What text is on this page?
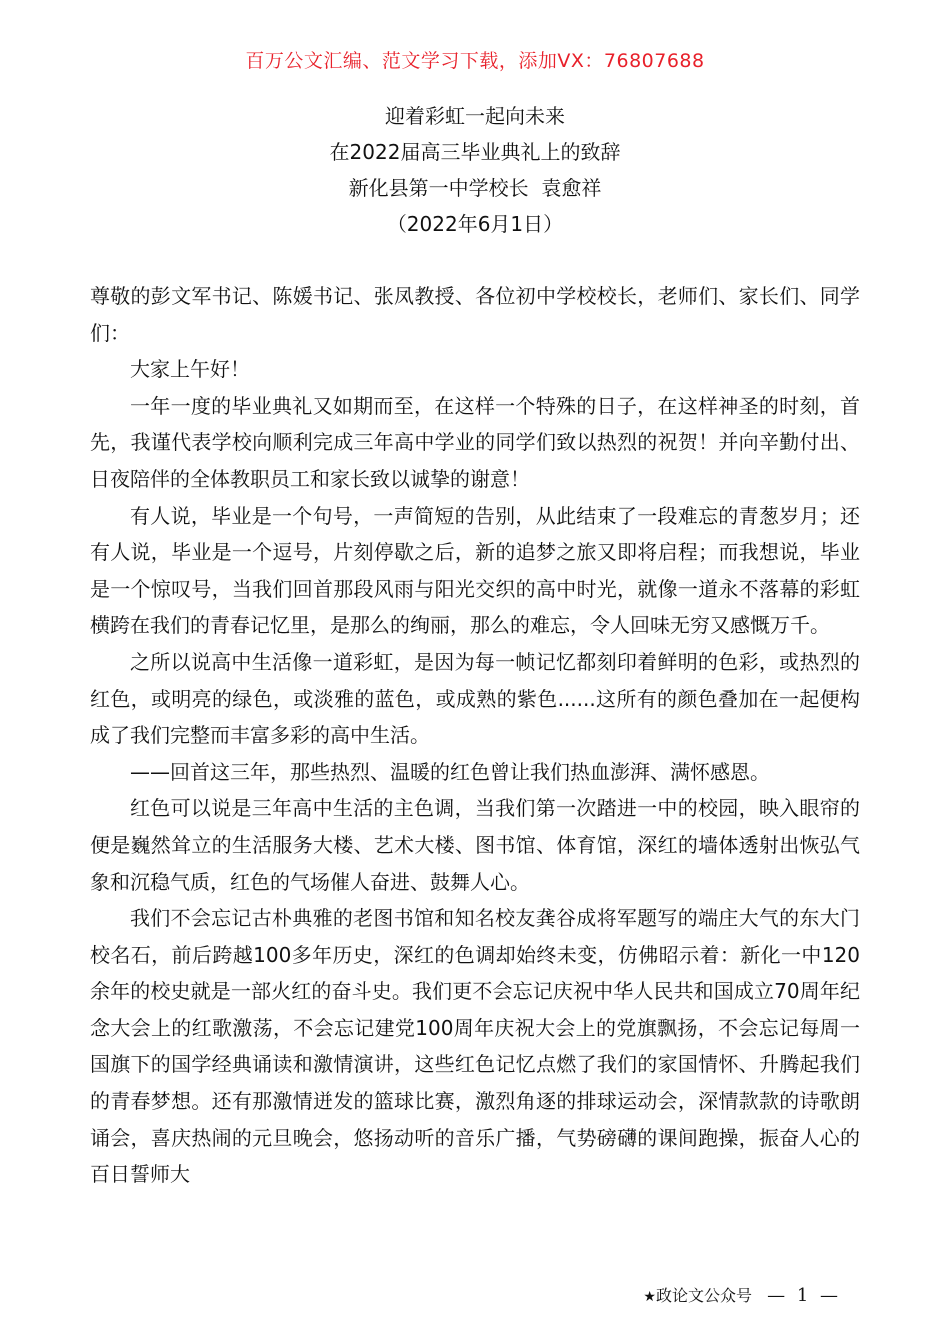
百万公文汇编、范文学习下载，添加VX：76807688
迎着彩虹一起向未来
在2022届高三毕业典礼上的致辞
新化县第一中学校长  袁愈祥
（2022年6月1日）

尊敬的彭文军书记、陈媛书记、张凤教授、各位初中学校校长，老师们、家长们、同学们：

大家上午好！

一年一度的毕业典礼又如期而至，在这样一个特殊的日子，在这样神圣的时刻，首先，我谨代表学校向顺利完成三年高中学业的同学们致以热烈的祝贺！并向辛勤付出、日夜陪伴的全体教职员工和家长致以诚挚的谢意！

有人说，毕业是一个句号，一声简短的告别，从此结束了一段难忘的青葱岁月；还有人说，毕业是一个逗号，片刻停歇之后，新的追梦之旅又即将启程；而我想说，毕业是一个惊叹号，当我们回首那段风雨与阳光交织的高中时光，就像一道永不落幕的彩虹横跨在我们的青春记忆里，是那么的绚丽，那么的难忘，令人回味无穷又感慨万千。

之所以说高中生活像一道彩虹，是因为每一帧记忆都刻印着鲜明的色彩，或热烈的红色，或明亮的绿色，或淡雅的蓝色，或成熟的紫色......这所有的颜色叠加在一起便构成了我们完整而丰富多彩的高中生活。

——回首这三年，那些热烈、温暖的红色曾让我们热血澎湃、满怀感恩。

红色可以说是三年高中生活的主色调，当我们第一次踏进一中的校园，映入眼帘的便是巍然耸立的生活服务大楼、艺术大楼、图书馆、体育馆，深红的墙体透射出恢弘气象和沉稳气质，红色的气场催人奋进、鼓舞人心。

我们不会忘记古朴典雅的老图书馆和知名校友龚谷成将军题写的端庄大气的东大门校名石，前后跨越100多年历史，深红的色调却始终未变，仿佛昭示着：新化一中120余年的校史就是一部火红的奋斗史。我们更不会忘记庆祝中华人民共和国成立70周年纪念大会上的红歌激荡，不会忘记建党100周年庆祝大会上的党旗飘扬，不会忘记每周一国旗下的国学经典诵读和激情演讲，这些红色记忆点燃了我们的家国情怀、升腾起我们的青春梦想。还有那激情迸发的篮球比赛，激烈角逐的排球运动会，深情款款的诗歌朗诵会，喜庆热闹的元旦晚会，悠扬动听的音乐广播，气势磅礴的课间跑操，振奋人心的百日誓师大

★政论文公众号 — 1 —
